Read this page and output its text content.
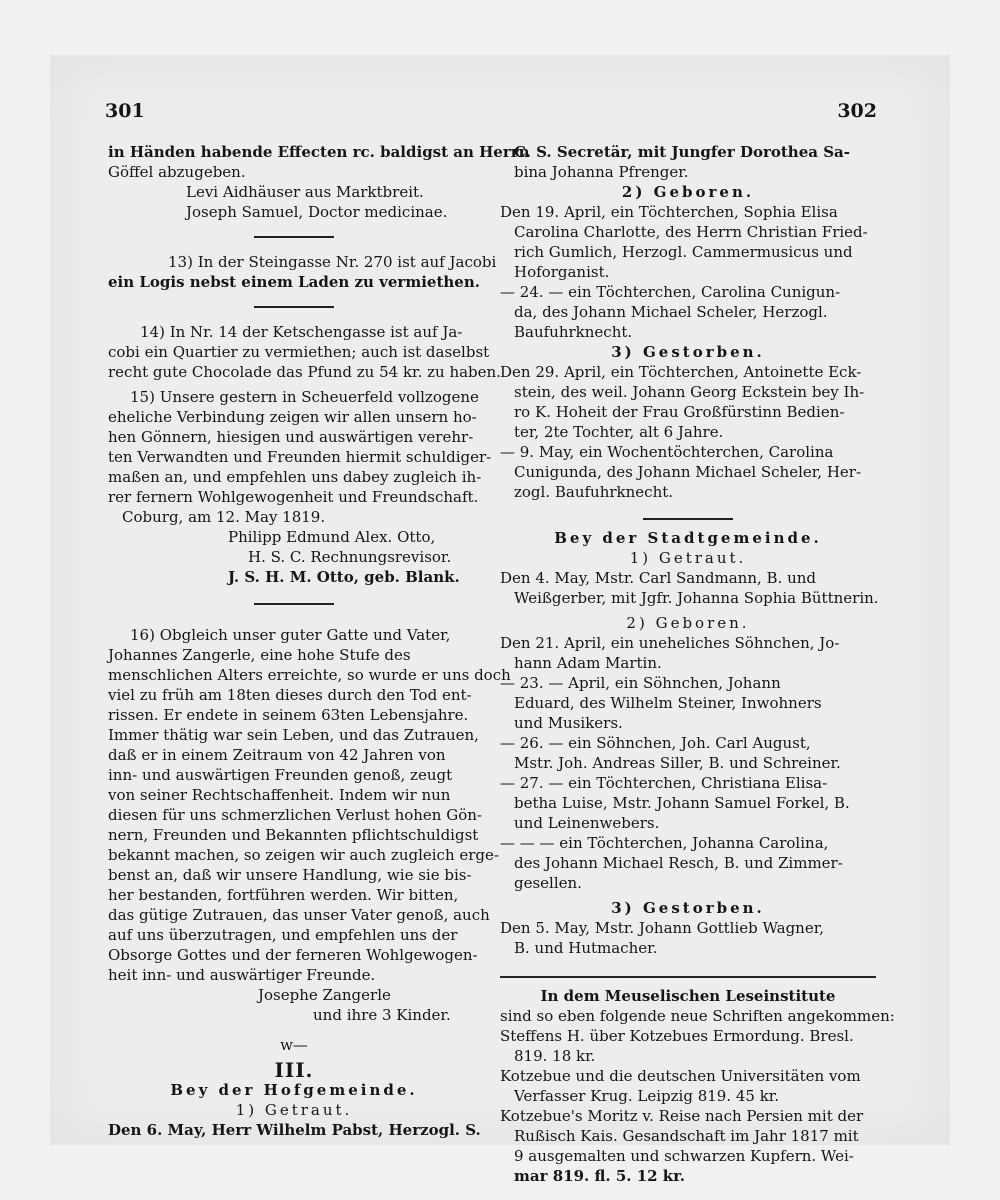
301	302
in Händen habende Effecten rc. baldigst an Herrn
Göffel abzugeben.
Levi Aidhäuser aus Marktbreit.
Joseph Samuel, Doctor medicinae.
13) In der Steingasse Nr. 270 ist auf Jacobi
ein Logis nebst einem Laden zu vermiethen.
14) In Nr. 14 der Ketschengasse ist auf Ja-
cobi ein Quartier zu vermiethen; auch ist daselbst
recht gute Chocolade das Pfund zu 54 kr. zu haben.
15) Unsere gestern in Scheuerfeld vollzogene
eheliche Verbindung zeigen wir allen unsern ho-
hen Gönnern, hiesigen und auswärtigen verehr-
ten Verwandten und Freunden hiermit schuldiger-
maßen an, und empfehlen uns dabey zugleich ih-
rer fernern Wohlgewogenheit und Freundschaft.
Coburg, am 12. May 1819.
Philipp Edmund Alex. Otto,
H. S. C. Rechnungsrevisor.
J. S. H. M. Otto, geb. Blank.
16) Obgleich unser guter Gatte und Vater,
Johannes Zangerle, eine hohe Stufe des
menschlichen Alters erreichte, so wurde er uns doch
viel zu früh am 18ten dieses durch den Tod ent-
rissen. Er endete in seinem 63ten Lebensjahre.
Immer thätig war sein Leben, und das Zutrauen,
daß er in einem Zeitraum von 42 Jahren von
inn- und auswärtigen Freunden genoß, zeugt
von seiner Rechtschaffenheit. Indem wir nun
diesen für uns schmerzlichen Verlust hohen Gön-
nern, Freunden und Bekannten pflichtschuldigst
bekannt machen, so zeigen wir auch zugleich erge-
benst an, daß wir unsere Handlung, wie sie bis-
her bestanden, fortführen werden. Wir bitten,
das gütige Zutrauen, das unser Vater genoß, auch
auf uns überzutragen, und empfehlen uns der
Obsorge Gottes und der ferneren Wohlgewogen-
heit inn- und auswärtiger Freunde.
Josephe Zangerle
und ihre 3 Kinder.
w—
III.
Bey der Hofgemeinde.
1) Getraut.
Den 6. May, Herr Wilhelm Pabst, Herzogl. S.
C. S. Secretär, mit Jungfer Dorothea Sa-
bina Johanna Pfrenger.
2) Geboren.
Den 19. April, ein Töchterchen, Sophia Elisa
Carolina Charlotte, des Herrn Christian Fried-
rich Gumlich, Herzogl. Cammermusicus und
Hoforganist.
— 24. — ein Töchterchen, Carolina Cunigun-
da, des Johann Michael Scheler, Herzogl.
Baufuhrknecht.
3) Gestorben.
Den 29. April, ein Töchterchen, Antoinette Eck-
stein, des weil. Johann Georg Eckstein bey Ih-
ro K. Hoheit der Frau Großfürstinn Bedien-
ter, 2te Tochter, alt 6 Jahre.
— 9. May, ein Wochentöchterchen, Carolina
Cunigunda, des Johann Michael Scheler, Her-
zogl. Baufuhrknecht.
Bey der Stadtgemeinde.
1) Getraut.
Den 4. May, Mstr. Carl Sandmann, B. und
Weißgerber, mit Jgfr. Johanna Sophia Büttnerin.
2) Geboren.
Den 21. April, ein uneheliches Söhnchen, Jo-
hann Adam Martin.
— 23. — April, ein Söhnchen, Johann
Eduard, des Wilhelm Steiner, Inwohners
und Musikers.
— 26. — ein Söhnchen, Joh. Carl August,
Mstr. Joh. Andreas Siller, B. und Schreiner.
— 27. — ein Töchterchen, Christiana Elisa-
betha Luise, Mstr. Johann Samuel Forkel, B.
und Leinenwebers.
— — — ein Töchterchen, Johanna Carolina,
des Johann Michael Resch, B. und Zimmer-
gesellen.
3) Gestorben.
Den 5. May, Mstr. Johann Gottlieb Wagner,
B. und Hutmacher.
In dem Meuselischen Leseinstitute
sind so eben folgende neue Schriften angekommen:
Steffens H. über Kotzebues Ermordung. Bresl.
819. 18 kr.
Kotzebue und die deutschen Universitäten vom
Verfasser Krug. Leipzig 819. 45 kr.
Kotzebue's Moritz v. Reise nach Persien mit der
Rußisch Kais. Gesandschaft im Jahr 1817 mit
9 ausgemalten und schwarzen Kupfern. Wei-
mar 819. fl. 5. 12 kr.
